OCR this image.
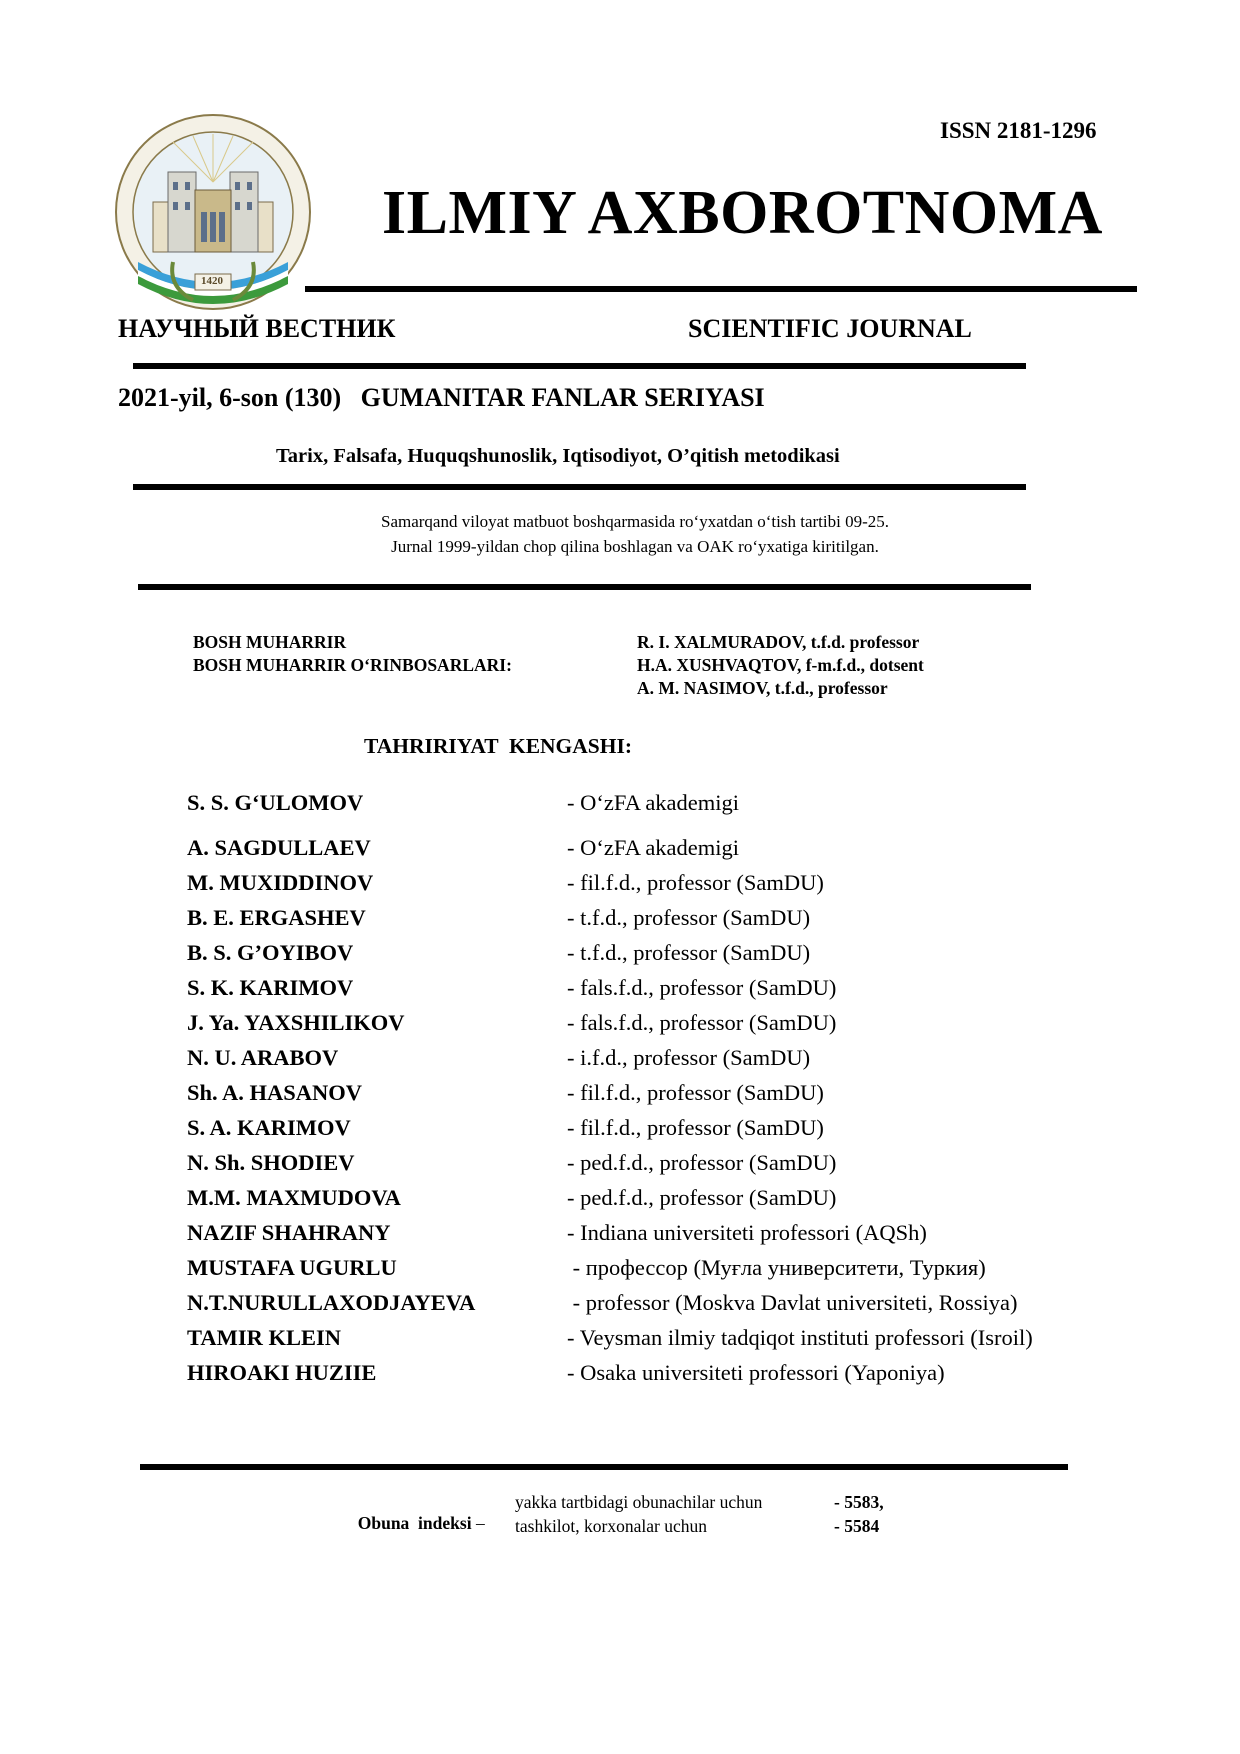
ISSN 2181-1296
1420
ILMIY AXBOROTNOMA
НАУЧНЫЙ ВЕСТНИК	SCIENTIFIC JOURNAL
2021-yil, 6-son (130)   GUMANITAR FANLAR SERIYASI
Tarix, Falsafa, Huquqshunoslik, Iqtisodiyot, O’qitish metodikasi
Samarqand viloyat matbuot boshqarmasida ro‘yxatdan o‘tish tartibi 09-25.
Jurnal 1999-yildan chop qilina boshlagan va OAK ro‘yxatiga kiritilgan.
BOSH MUHARRIR	R. I. XALMURADOV, t.f.d. professor
BOSH MUHARRIR O‘RINBOSARLARI:	H.A. XUSHVAQTOV, f-m.f.d., dotsent
A. M. NASIMOV, t.f.d., professor
TAHRIRIYAT  KENGASHI:
S. S. G‘ULOMOV	- O‘zFA akademigi
A. SAGDULLAEV	- O‘zFA akademigi
M. MUXIDDINOV	- fil.f.d., professor (SamDU)
B. E. ERGASHEV	- t.f.d., professor (SamDU)
B. S. G’OYIBOV	- t.f.d., professor (SamDU)
S. K. KARIMOV	- fals.f.d., professor (SamDU)
J. Ya. YAXSHILIKOV	- fals.f.d., professor (SamDU)
N. U. ARABOV	- i.f.d., professor (SamDU)
Sh. A. HASANOV	- fil.f.d., professor (SamDU)
S. A. KARIMOV	- fil.f.d., professor (SamDU)
N. Sh. SHODIEV	- ped.f.d., professor (SamDU)
M.M. MAXMUDOVA	- ped.f.d., professor (SamDU)
NAZIF SHAHRANY	- Indiana universiteti professori (AQSh)
MUSTAFA UGURLU	- профессор (Муғла университети, Туркия)
N.T.NURULLAXODJAYEVA	- professor (Moskva Davlat universiteti, Rossiya)
TAMIR KLEIN	- Veysman ilmiy tadqiqot instituti professori (Isroil)
HIROAKI HUZIIE	- Osaka universiteti professori (Yaponiya)

Obuna  indeksi –

yakka tartbidagi obunachilar uchun	- 5583,
tashkilot, korxonalar uchun	- 5584
